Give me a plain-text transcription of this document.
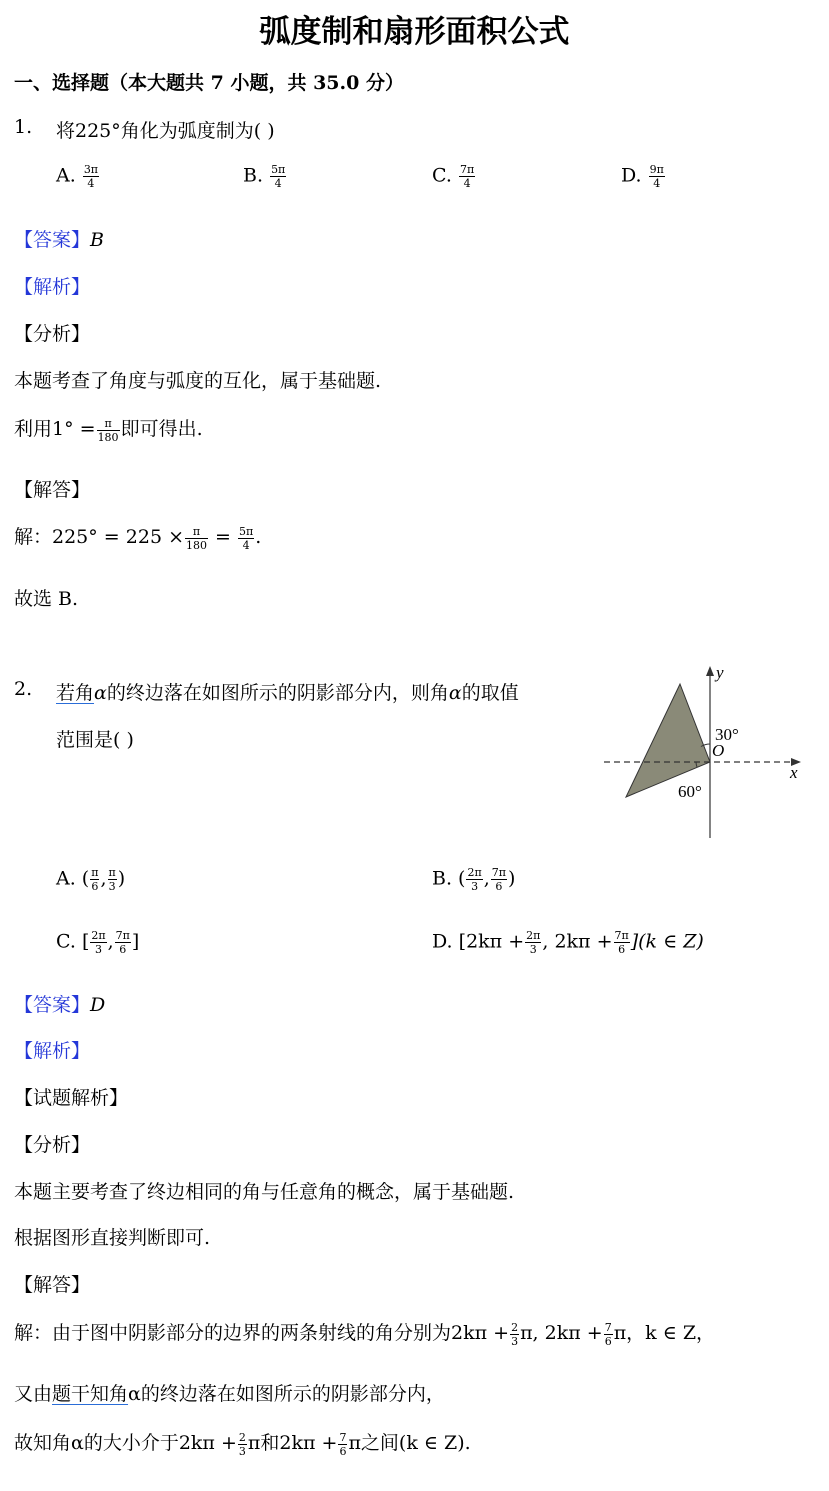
弧度制和扇形面积公式
一、选择题（本大题共 7 小题，共 35.0 分）
1. 将225°角化为弧度制为( )
A. $\frac{3\pi}{4}$	B. $\frac{5\pi}{4}$	C. $\frac{7\pi}{4}$	D. $\frac{9\pi}{4}$
【答案】B
【解析】
【分析】
本题考查了角度与弧度的互化，属于基础题.
利用$1^\circ = \frac{\pi}{180}$ 即可得出.
【解答】
解：$225^\circ = 225 \times \frac{\pi}{180} = \frac{5\pi}{4}$ .
故选 B.
2. 若角α的终边落在如图所示的阴影部分内，则角α的取值
范围是( )
y
x
O
30°
60°
A. ( $\frac{\pi}{6}$ , $\frac{\pi}{3}$ )	B. ( $\frac{2\pi}{3}$ , $\frac{7\pi}{6}$ )
C. [ $\frac{2\pi}{3}$ , $\frac{7\pi}{6}$ ]	D. [$2k\pi + \frac{2\pi}{3}$ , $2k\pi + \frac{7\pi}{6} ](k$ ∈ Z)
【答案】D
【解析】
【试题解析】
【分析】
本题主要考查了终边相同的角与任意角的概念，属于基础题.
根据图形直接判断即可.
【解答】
解：由于图中阴影部分的边界的两条射线的角分别为$2k\pi + \frac{2}{3} \pi$, $2k\pi + \frac{7}{6}$ π，k ∈ Z，
又由题干知角α的终边落在如图所示的阴影部分内，
故知角α的大小介于$2k\pi + \frac{2}{3}$ π和$2k\pi + \frac{7}{6}$ π之间(k ∈ Z).
